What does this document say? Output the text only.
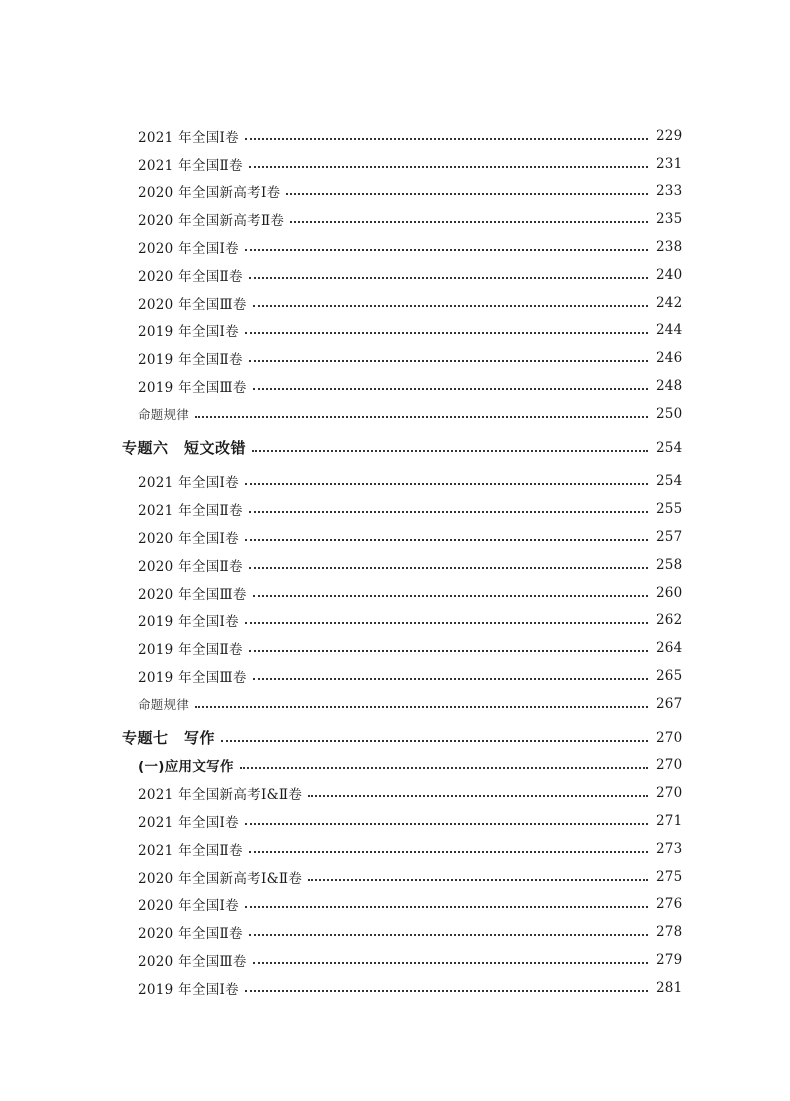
2021 年全国Ⅰ卷	229
2021 年全国Ⅱ卷	231
2020 年全国新高考Ⅰ卷	233
2020 年全国新高考Ⅱ卷	235
2020 年全国Ⅰ卷	238
2020 年全国Ⅱ卷	240
2020 年全国Ⅲ卷	242
2019 年全国Ⅰ卷	244
2019 年全国Ⅱ卷	246
2019 年全国Ⅲ卷	248
命题规律	250
专题六　短文改错	254
2021 年全国Ⅰ卷	254
2021 年全国Ⅱ卷	255
2020 年全国Ⅰ卷	257
2020 年全国Ⅱ卷	258
2020 年全国Ⅲ卷	260
2019 年全国Ⅰ卷	262
2019 年全国Ⅱ卷	264
2019 年全国Ⅲ卷	265
命题规律	267
专题七　写作	270
(一)应用文写作	270
2021 年全国新高考Ⅰ&Ⅱ卷	270
2021 年全国Ⅰ卷	271
2021 年全国Ⅱ卷	273
2020 年全国新高考Ⅰ&Ⅱ卷	275
2020 年全国Ⅰ卷	276
2020 年全国Ⅱ卷	278
2020 年全国Ⅲ卷	279
2019 年全国Ⅰ卷	281
